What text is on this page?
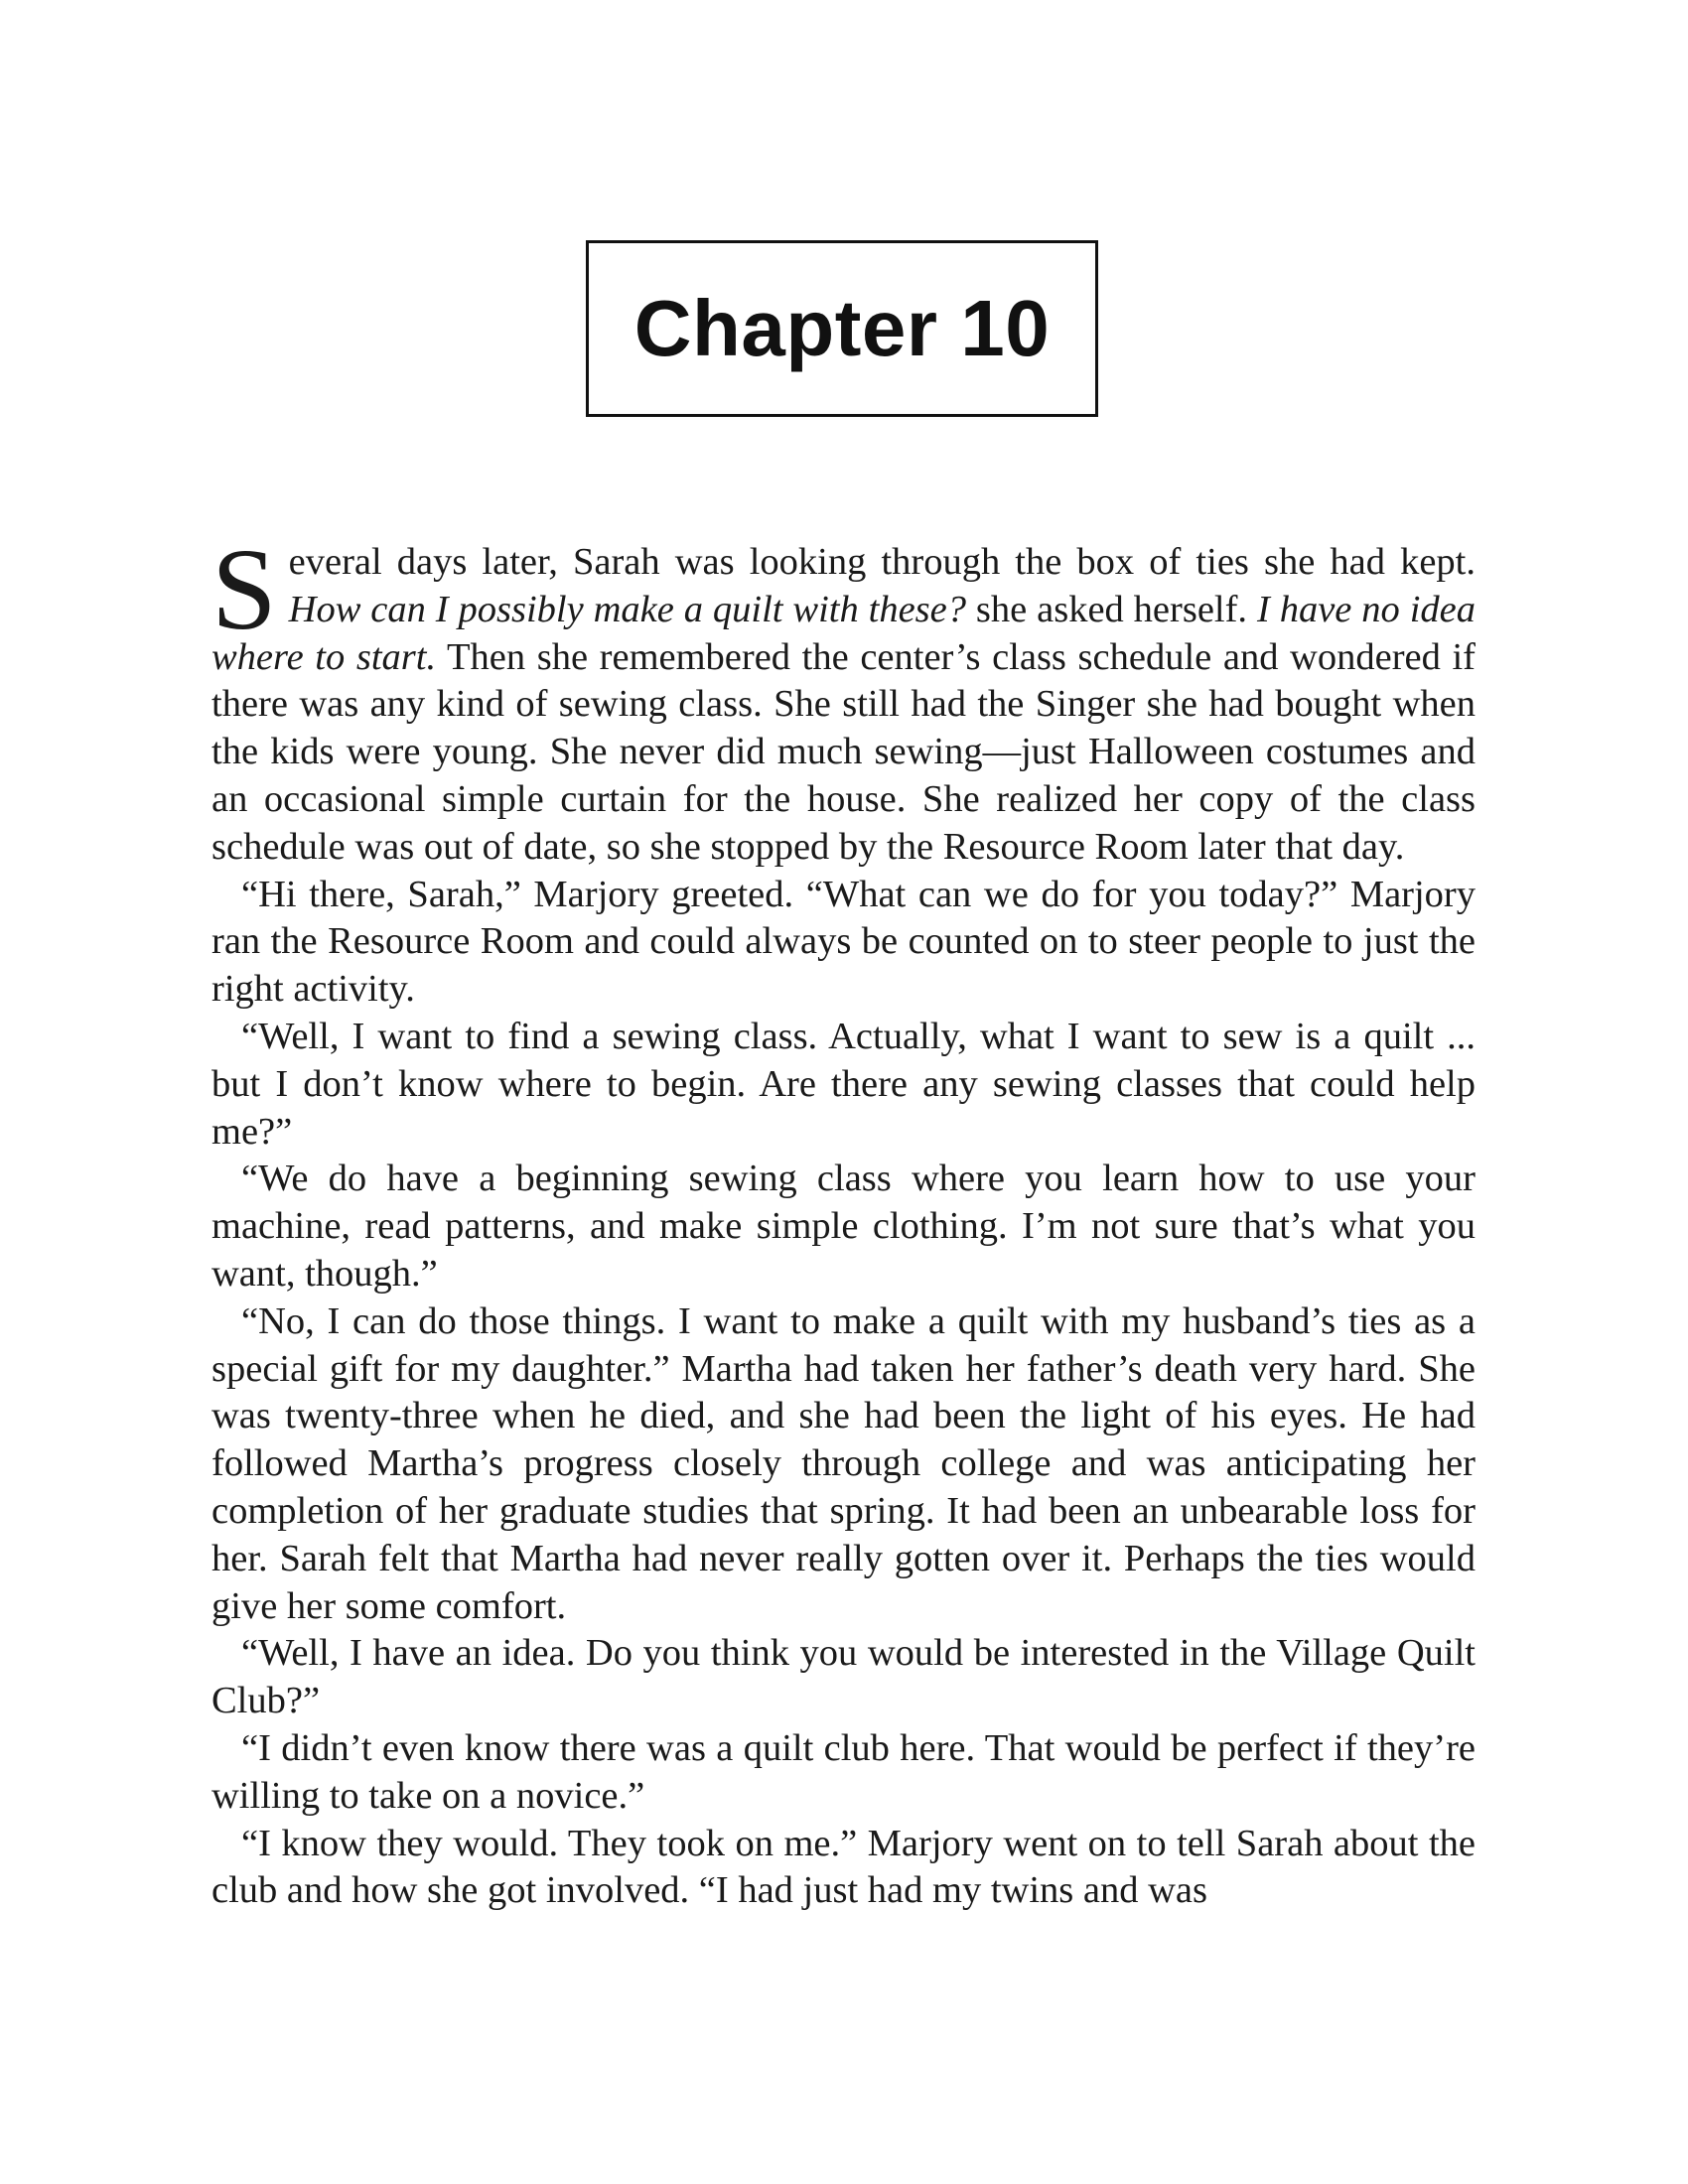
Chapter 10

Several days later, Sarah was looking through the box of ties she had kept. How can I possibly make a quilt with these? she asked herself. I have no idea where to start. Then she remembered the center’s class schedule and wondered if there was any kind of sewing class. She still had the Singer she had bought when the kids were young. She never did much sewing—just Halloween costumes and an occasional simple curtain for the house. She realized her copy of the class schedule was out of date, so she stopped by the Resource Room later that day.

“Hi there, Sarah,” Marjory greeted. “What can we do for you today?” Marjory ran the Resource Room and could always be counted on to steer people to just the right activity.

“Well, I want to find a sewing class. Actually, what I want to sew is a quilt ... but I don’t know where to begin. Are there any sewing classes that could help me?”

“We do have a beginning sewing class where you learn how to use your machine, read patterns, and make simple clothing. I’m not sure that’s what you want, though.”

“No, I can do those things. I want to make a quilt with my husband’s ties as a special gift for my daughter.” Martha had taken her father’s death very hard. She was twenty-three when he died, and she had been the light of his eyes. He had followed Martha’s progress closely through college and was anticipating her completion of her graduate studies that spring. It had been an unbearable loss for her. Sarah felt that Martha had never really gotten over it. Perhaps the ties would give her some comfort.

“Well, I have an idea. Do you think you would be interested in the Village Quilt Club?”

“I didn’t even know there was a quilt club here. That would be perfect if they’re willing to take on a novice.”

“I know they would. They took on me.” Marjory went on to tell Sarah about the club and how she got involved. “I had just had my twins and was
